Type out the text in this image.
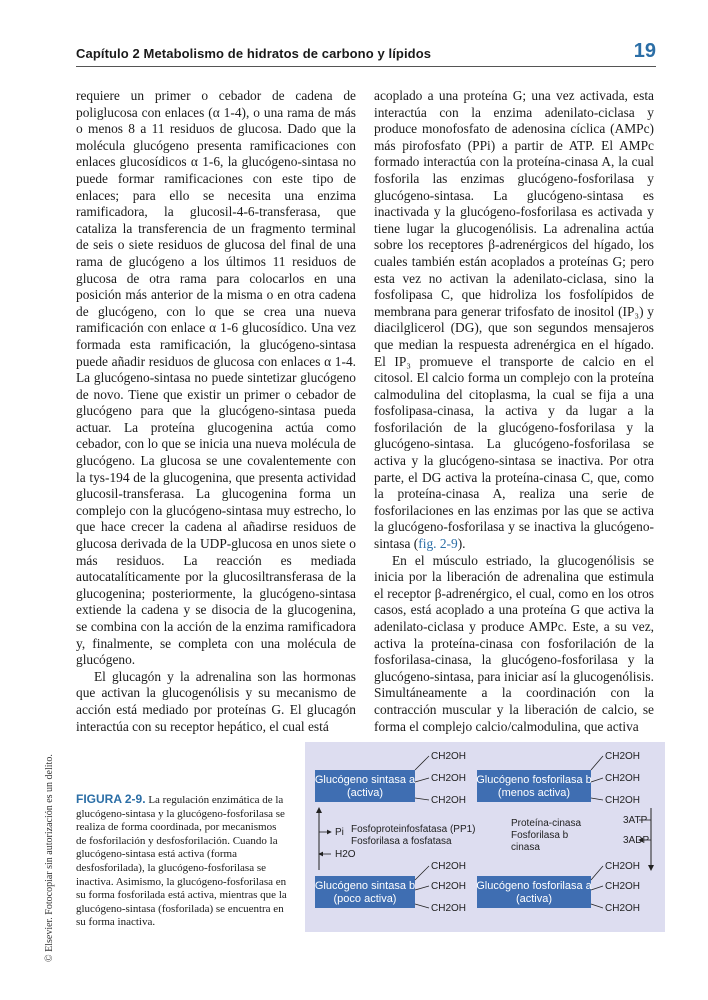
Capítulo 2 Metabolismo de hidratos de carbono y lípidos	19

requiere un primer o cebador de cadena de poliglucosa con enlaces (α 1-4), o una rama de más o menos 8 a 11 residuos de glucosa. Dado que la molécula glucógeno presenta ramificaciones con enlaces glucosídicos α 1-6, la glucógeno-sintasa no puede formar ramificaciones con este tipo de enlaces; para ello se necesita una enzima ramificadora, la glucosil-4-6-transferasa, que cataliza la transferencia de un fragmento terminal de seis o siete residuos de glucosa del final de una rama de glucógeno a los últimos 11 residuos de glucosa de otra rama para colocarlos en una posición más anterior de la misma o en otra cadena de glucógeno, con lo que se crea una nueva ramificación con enlace α 1-6 glucosídico. Una vez formada esta ramificación, la glucógeno-sintasa puede añadir residuos de glucosa con enlaces α 1-4. La glucógeno-sintasa no puede sintetizar glucógeno de novo. Tiene que existir un primer o cebador de glucógeno para que la glucógeno-sintasa pueda actuar. La proteína glucogenina actúa como cebador, con lo que se inicia una nueva molécula de glucógeno. La glucosa se une covalentemente con la tys-194 de la glucogenina, que presenta actividad glucosil-transferasa. La glucogenina forma un complejo con la glucógeno-sintasa muy estrecho, lo que hace crecer la cadena al añadirse residuos de glucosa derivada de la UDP-glucosa en unos siete o más residuos. La reacción es mediada autocatalíticamente por la glucosiltransferasa de la glucogenina; posteriormente, la glucógeno-sintasa extiende la cadena y se disocia de la glucogenina, se combina con la acción de la enzima ramificadora y, finalmente, se completa con una molécula de glucógeno.

El glucagón y la adrenalina son las hormonas que activan la glucogenólisis y su mecanismo de acción está mediado por proteínas G. El glucagón interactúa con su receptor hepático, el cual está

acoplado a una proteína G; una vez activada, esta interactúa con la enzima adenilato-ciclasa y produce monofosfato de adenosina cíclica (AMPc) más pirofosfato (PPi) a partir de ATP. El AMPc formado interactúa con la proteína-cinasa A, la cual fosforila las enzimas glucógeno-fosforilasa y glucógeno-sintasa. La glucógeno-sintasa es inactivada y la glucógeno-fosforilasa es activada y tiene lugar la glucogenólisis. La adrenalina actúa sobre los receptores β-adrenérgicos del hígado, los cuales también están acoplados a proteínas G; pero esta vez no activan la adenilato-ciclasa, sino la fosfolipasa C, que hidroliza los fosfolípidos de membrana para generar trifosfato de inositol (IP₃) y diacilglicerol (DG), que son segundos mensajeros que median la respuesta adrenérgica en el hígado. El IP₃ promueve el transporte de calcio en el citosol. El calcio forma un complejo con la proteína calmodulina del citoplasma, la cual se fija a una fosfolipasa-cinasa, la activa y da lugar a la fosforilación de la glucógeno-fosforilasa y la glucógeno-sintasa. La glucógeno-fosforilasa se activa y la glucógeno-sintasa se inactiva. Por otra parte, el DG activa la proteína-cinasa C, que, como la proteína-cinasa A, realiza una serie de fosforilaciones en las enzimas por las que se activa la glucógeno-fosforilasa y se inactiva la glucógeno-sintasa (fig. 2-9).

En el músculo estriado, la glucogenólisis se inicia por la liberación de adrenalina que estimula el receptor β-adrenérgico, el cual, como en los otros casos, está acoplado a una proteína G que activa la adenilato-ciclasa y produce AMPc. Este, a su vez, activa la proteína-cinasa con fosforilación de la fosforilasa-cinasa, la glucógeno-fosforilasa y la glucógeno-sintasa, para iniciar así la glucogenólisis. Simultáneamente a la coordinación con la contracción muscular y la liberación de calcio, se forma el complejo calcio/calmodulina, que activa

© Elsevier. Fotocopiar sin autorización es un delito. FIGURA 2-9. La regulación enzimática de la glucógeno-sintasa y la glucógeno-fosforilasa se realiza de forma coordinada, por mecanismos de fosforilación y desfosforilación. Cuando la glucógeno-sintasa está activa (forma desfosforilada), la glucógeno-fosforilasa se inactiva. Asimismo, la glucógeno-fosforilasa en su forma fosforilada está activa, mientras que la glucógeno-sintasa (fosforilada) se encuentra en su forma inactiva.
Glucógeno sintasa a
(activa)
Glucógeno fosforilasa b
(menos activa)
Glucógeno sintasa b
(poco activa)
Glucógeno fosforilasa a
(activa)
CH2OH
CH2OH
CH2OH
CH2OH
CH2OH
CH2OH
CH2OH
CH2OH
CH2OH
CH2OH
CH2OH
CH2OH
Pi
H2O
Fosfoproteinfosfatasa (PP1)
Fosforilasa a fosfatasa
3ATP
3ADP
Proteína-cinasa
Fosforilasa b
cinasa
